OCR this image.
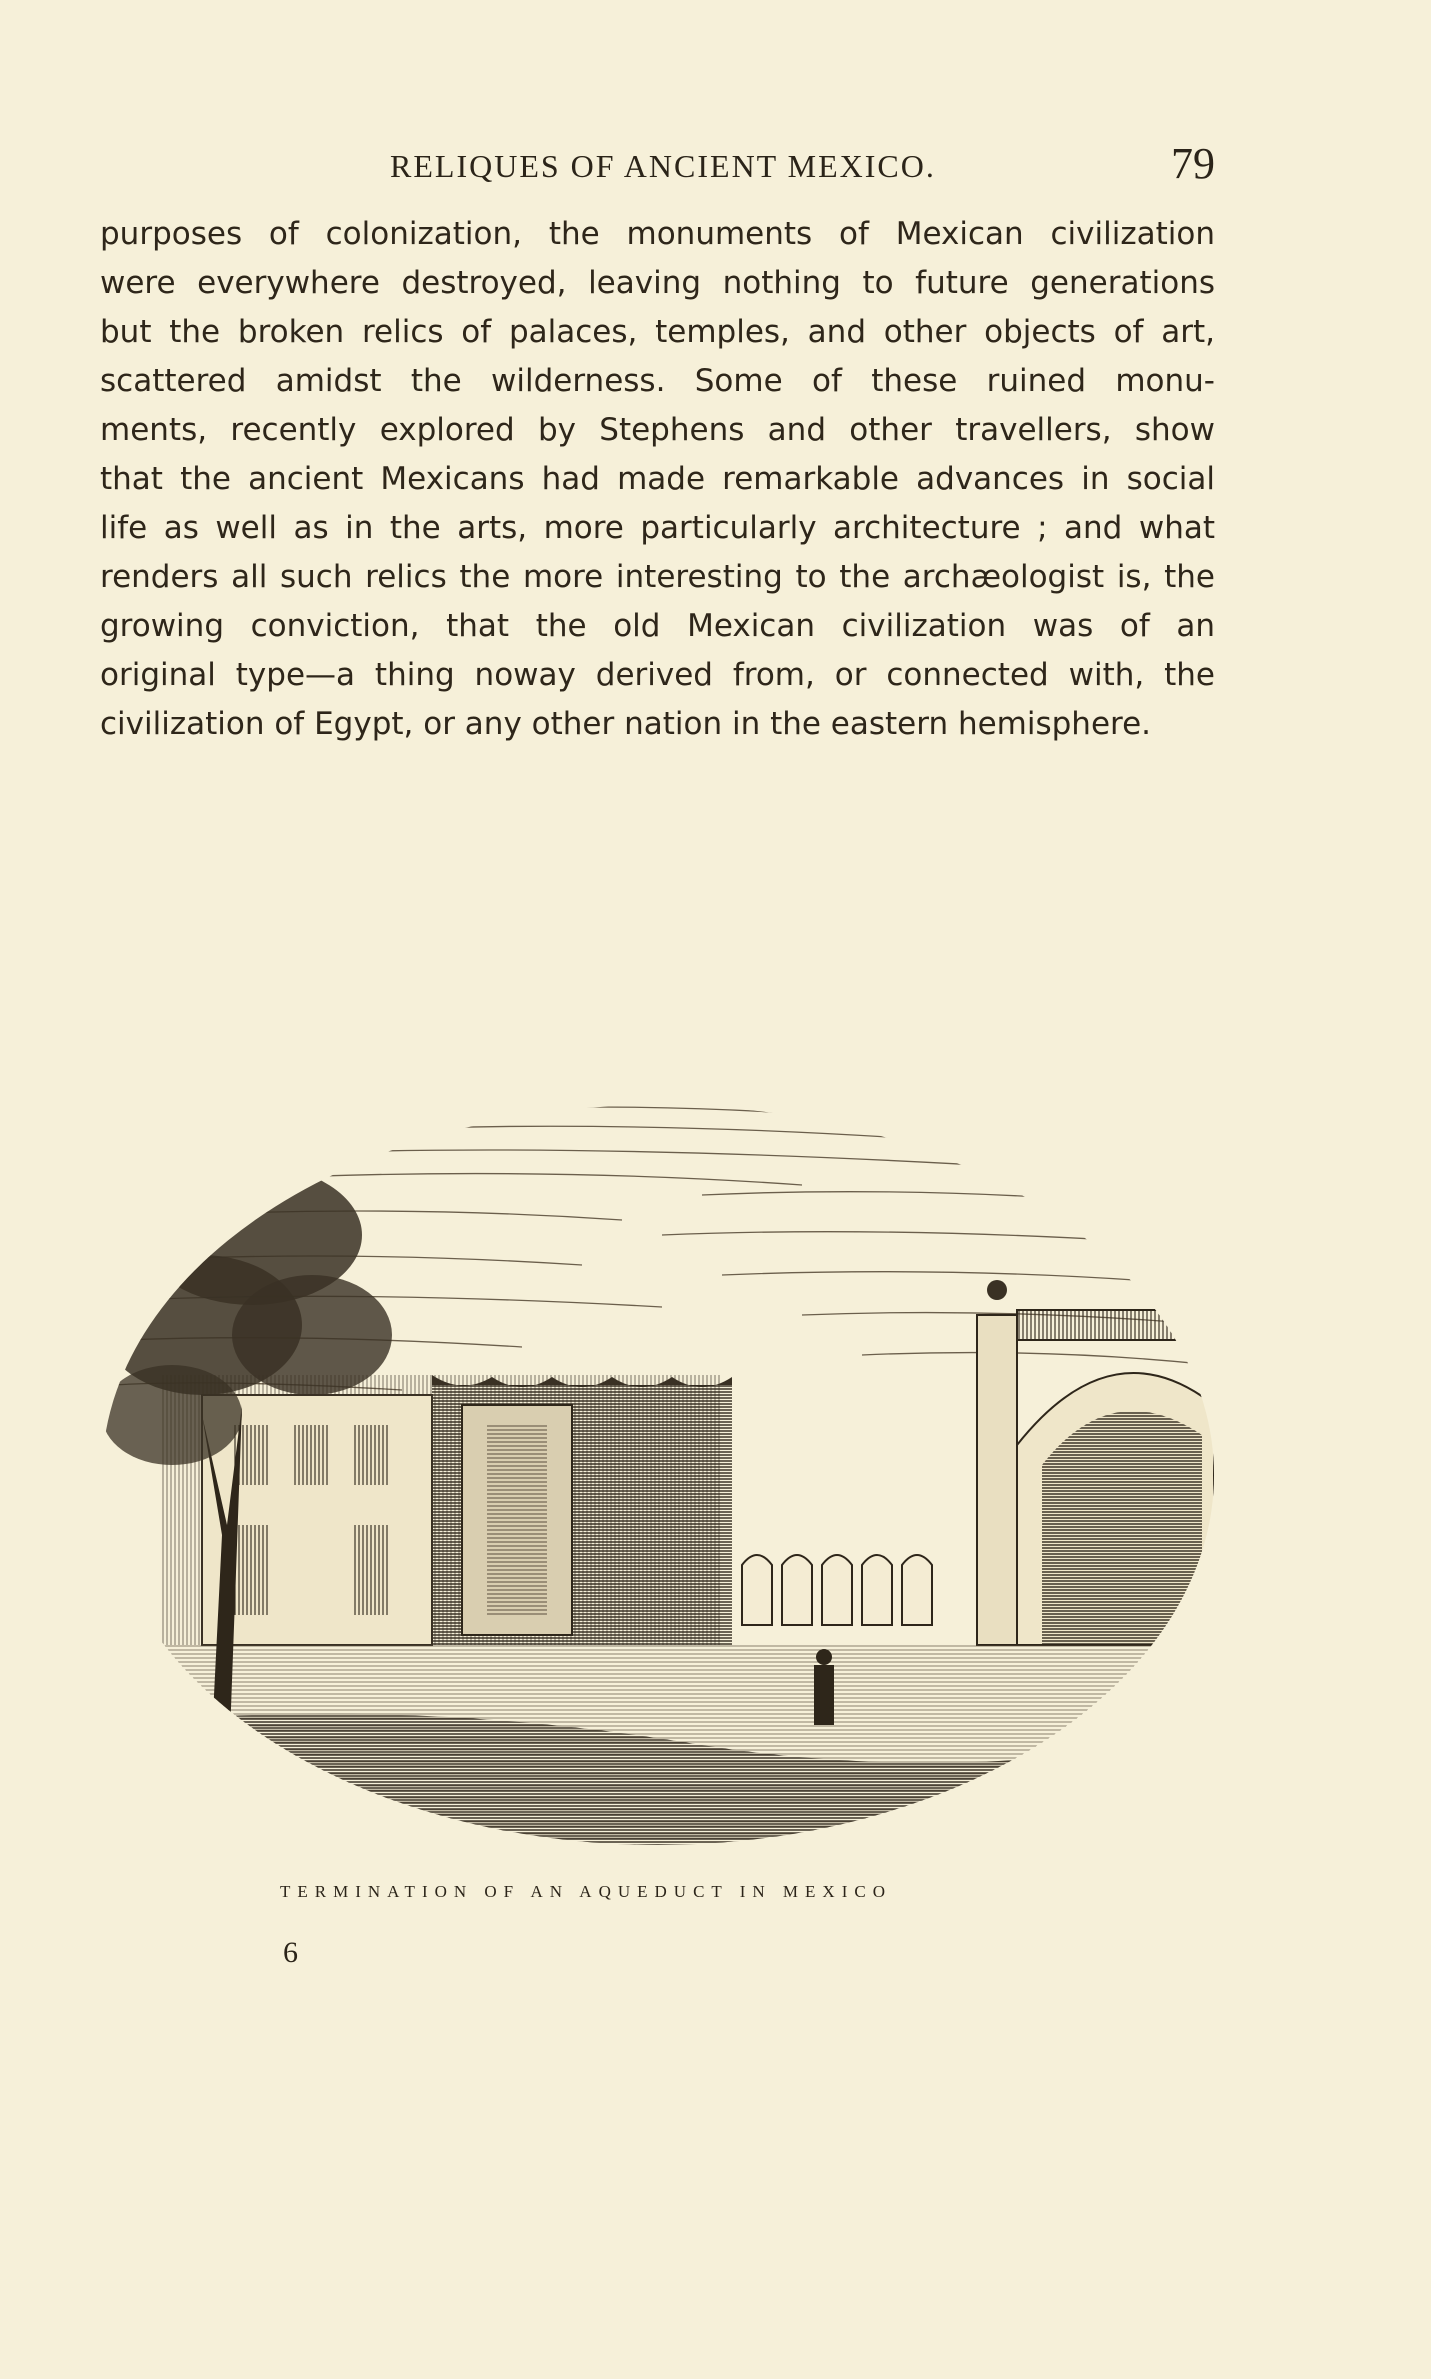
RELIQUES OF ANCIENT MEXICO.	79
purposes of colonization, the monuments of Mexican civilization
were everywhere destroyed, leaving nothing to future generations
but the broken relics of palaces, temples, and other objects of art,
scattered amidst the wilderness. Some of these ruined monu-
ments, recently explored by Stephens and other travellers, show
that the ancient Mexicans had made remarkable advances in social
life as well as in the arts, more particularly architecture ; and what
renders all such relics the more interesting to the archæologist is, the
growing conviction, that the old Mexican civilization was of an
original type—a thing noway derived from, or connected with, the
civilization of Egypt, or any other nation in the eastern hemisphere.
TERMINATION OF AN AQUEDUCT IN MEXICO
6
